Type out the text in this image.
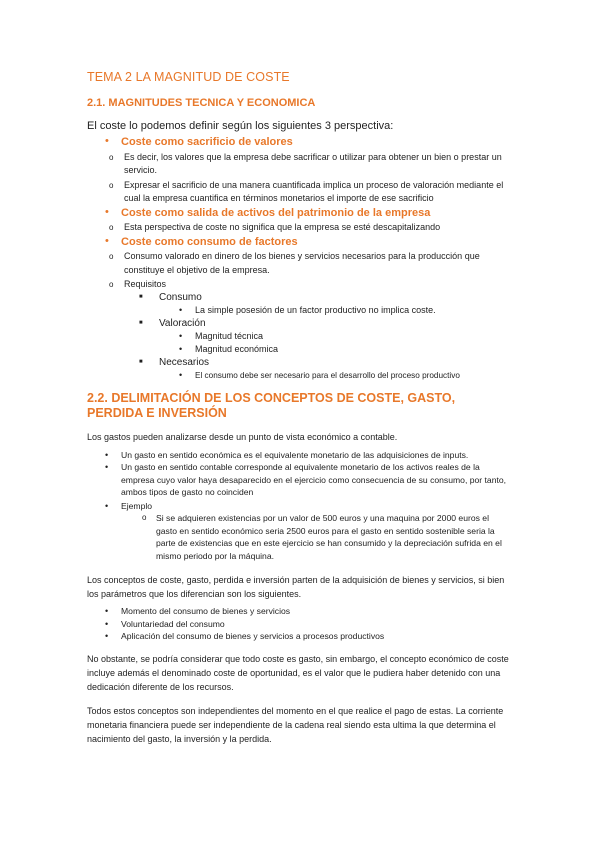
TEMA 2 LA MAGNITUD DE COSTE
2.1. MAGNITUDES TECNICA Y ECONOMICA

El coste lo podemos definir según los siguientes 3 perspectiva:

• Coste como sacrificio de valores
o Es decir, los valores que la empresa debe sacrificar o utilizar para obtener un bien o prestar un servicio.
o Expresar el sacrificio de una manera cuantificada implica un proceso de valoración mediante el cual la empresa cuantifica en términos monetarios el importe de ese sacrificio
• Coste como salida de activos del patrimonio de la empresa
o Esta perspectiva de coste no significa que la empresa se esté descapitalizando
• Coste como consumo de factores
o Consumo valorado en dinero de los bienes y servicios necesarios para la producción que constituye el objetivo de la empresa.
o Requisitos
■ Consumo
• La simple posesión de un factor productivo no implica coste.
■ Valoración
• Magnitud técnica
• Magnitud económica
■ Necesarios
• El consumo debe ser necesario para el desarrollo del proceso productivo
2.2. DELIMITACIÓN DE LOS CONCEPTOS DE COSTE, GASTO, PERDIDA E INVERSIÓN

Los gastos pueden analizarse desde un punto de vista económico a contable.

• Un gasto en sentido económica es el equivalente monetario de las adquisiciones de inputs.
• Un gasto en sentido contable corresponde al equivalente monetario de los activos reales de la empresa cuyo valor haya desaparecido en el ejercicio como consecuencia de su consumo, por tanto, ambos tipos de gasto no coinciden
• Ejemplo
o Si se adquieren existencias por un valor de 500 euros y una maquina por 2000 euros el gasto en sentido económico seria 2500 euros para el gasto en sentido sostenible seria la parte de existencias que en este ejercicio se han consumido y la depreciación sufrida en el mismo periodo por la máquina.

Los conceptos de coste, gasto, perdida e inversión parten de la adquisición de bienes y servicios, si bien los parámetros que los diferencian son los siguientes.

• Momento del consumo de bienes y servicios
• Voluntariedad del consumo
• Aplicación del consumo de bienes y servicios a procesos productivos

No obstante, se podría considerar que todo coste es gasto, sin embargo, el concepto económico de coste incluye además el denominado coste de oportunidad, es el valor que le pudiera haber detenido con una dedicación diferente de los recursos.

Todos estos conceptos son independientes del momento en el que realice el pago de estas. La corriente monetaria financiera puede ser independiente de la cadena real siendo esta ultima la que determina el nacimiento del gasto, la inversión y la perdida.
